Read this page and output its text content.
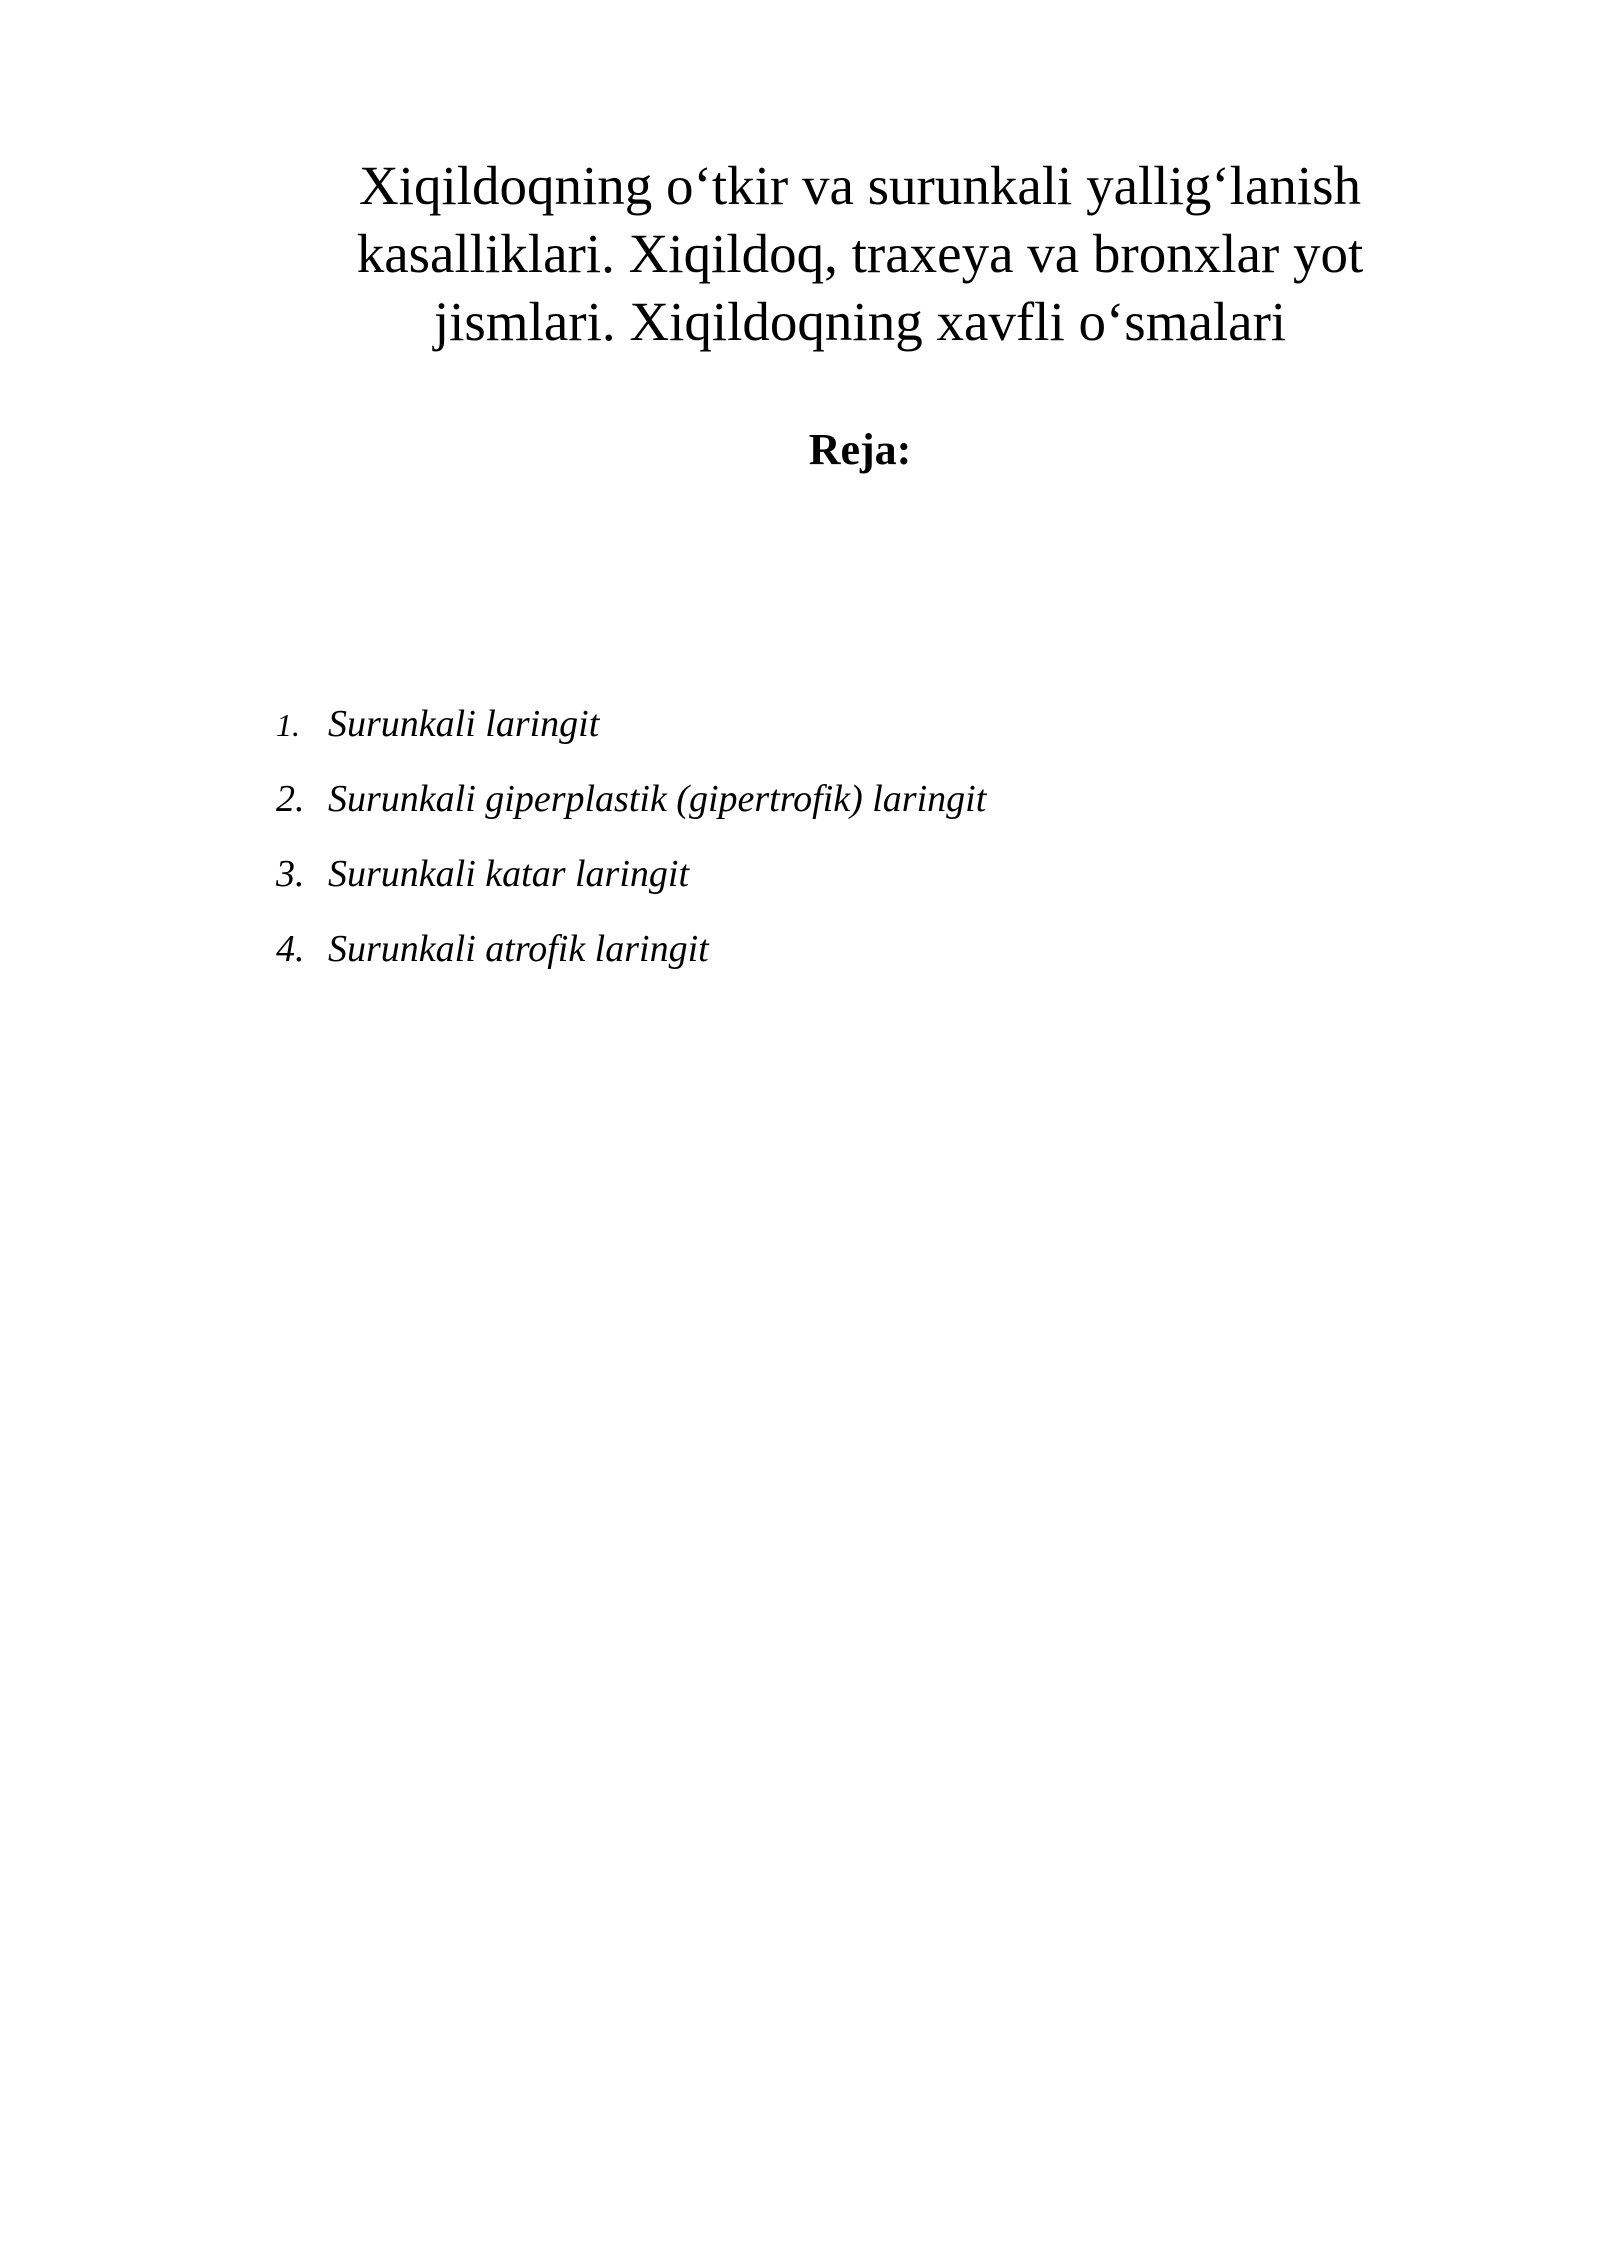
Xiqildoqning o‘tkir va surunkali yallig‘lanish
kasalliklari. Xiqildoq, traxeya va bronxlar yot
jismlari. Xiqildoqning xavfli o‘smalari
Reja:
1. Surunkali laringit
2. Surunkali giperplastik (gipertrofik) laringit
3. Surunkali katar laringit
4. Surunkali atrofik laringit
